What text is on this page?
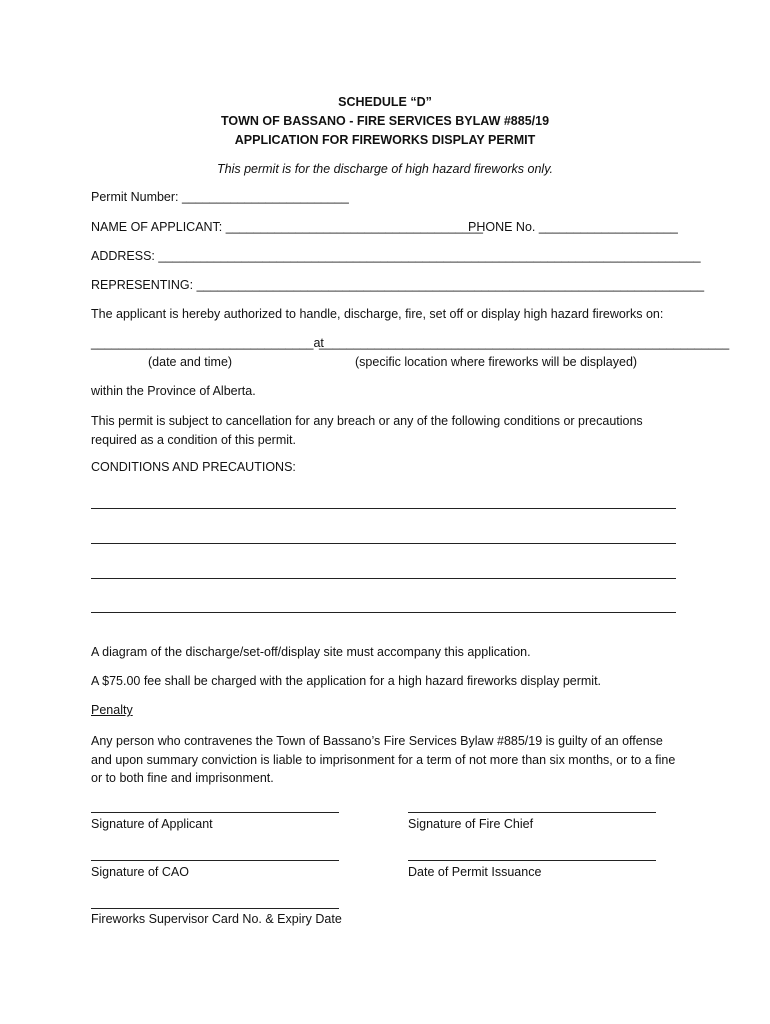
SCHEDULE “D”
TOWN OF BASSANO - FIRE SERVICES BYLAW #885/19
APPLICATION FOR FIREWORKS DISPLAY PERMIT
This permit is for the discharge of high hazard fireworks only.
Permit Number: ________________________
NAME OF APPLICANT: _____________________________________
PHONE No. ____________________
ADDRESS: ______________________________________________________________________________
REPRESENTING: _________________________________________________________________________
The applicant is hereby authorized to handle, discharge, fire, set off or display high hazard fireworks on:
________________________________at
___________________________________________________________
(date and time)	(specific location where fireworks will be displayed)
within the Province of Alberta.
This permit is subject to cancellation for any breach or any of the following conditions or precautions required as a condition of this permit.
CONDITIONS AND PRECAUTIONS:
A diagram of the discharge/set-off/display site must accompany this application.
A $75.00 fee shall be charged with the application for a high hazard fireworks display permit.
Penalty
Any person who contravenes the Town of Bassano’s Fire Services Bylaw #885/19 is guilty of an offense and upon summary conviction is liable to imprisonment for a term of not more than six months, or to a fine or to both fine and imprisonment.
Signature of Applicant	Signature of Fire Chief
Signature of CAO	Date of Permit Issuance
Fireworks Supervisor Card No. & Expiry Date
